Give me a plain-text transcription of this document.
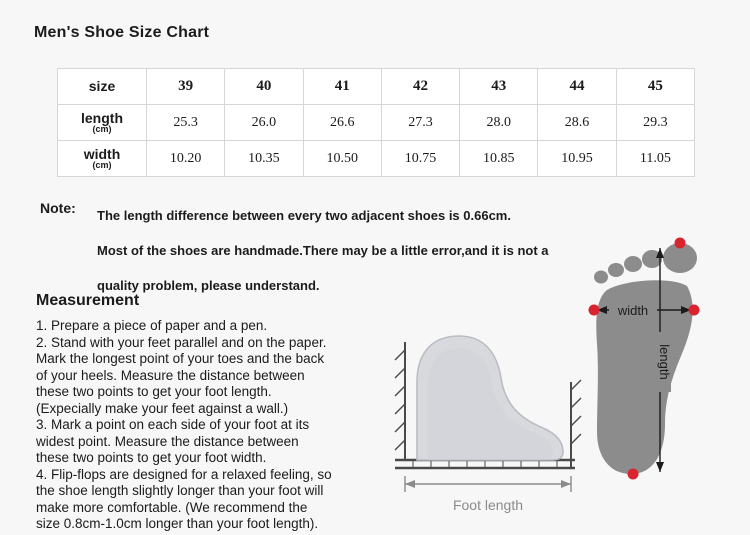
Men's Shoe Size Chart
size	39	40	41	42	43	44	45
length
(cm)	25.3	26.0	26.6	27.3	28.0	28.6	29.3
width
(cm)	10.20	10.35	10.50	10.75	10.85	10.95	11.05
Note: The length difference between every two adjacent shoes is 0.66cm.
Most of the shoes are handmade.There may be a little error,and it is not a
quality problem, please understand.
Measurement

1. Prepare a piece of paper and a pen.

2. Stand with your feet parallel and on the paper.

Mark the longest point of your toes and the back

of your heels. Measure the distance between

these two points to get your foot length.

(Expecially make your feet against a wall.)

3. Mark a point on each side of your foot at its

widest point. Measure the distance between

these two points to get your foot width.

4. Flip-flops are designed for a relaxed feeling, so

the shoe length slightly longer than your foot will

make more comfortable. (We recommend the

size 0.8cm-1.0cm longer than your foot length).

Foot length
width
length
